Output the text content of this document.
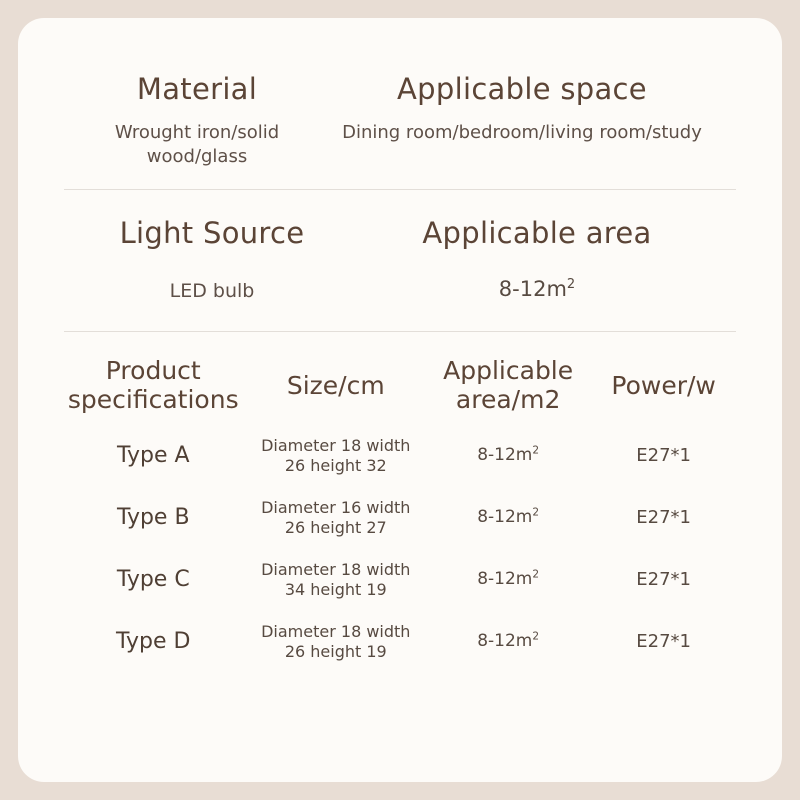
Material
Wrought iron/solid wood/glass
Applicable space
Dining room/bedroom/living room/study
Light Source
LED bulb
Applicable area
$8-12m^2$
Product specifications	Size/cm	Applicable area/m2	Power/w
Type A	Diameter 18 width 26 height 32	$8-12m^2$	E27*1
Type B	Diameter 16 width 26 height 27	$8-12m^2$	E27*1
Type C	Diameter 18 width 34 height 19	$8-12m^2$	E27*1
Type D	Diameter 18 width 26 height 19	$8-12m^2$	E27*1
